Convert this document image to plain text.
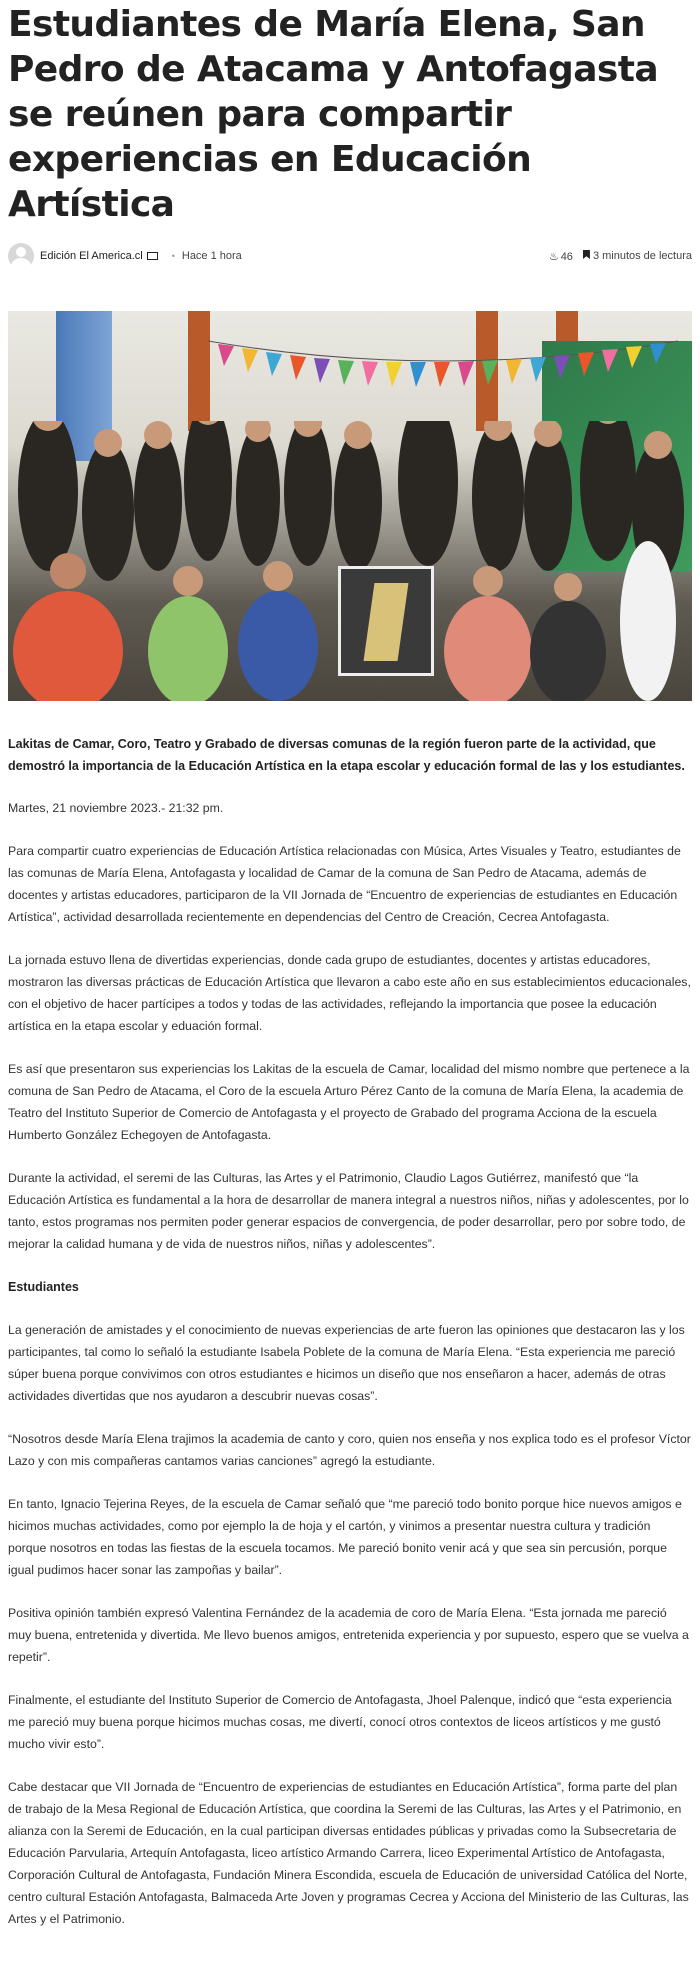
Estudiantes de María Elena, San Pedro de Atacama y Antofagasta se reúnen para compartir experiencias en Educación Artística
Edición El America.cl	• Hace 1 hora	♨ 46	3 minutos de lectura

Lakitas de Camar, Coro, Teatro y Grabado de diversas comunas de la región fueron parte de la actividad, que demostró la importancia de la Educación Artística en la etapa escolar y educación formal de las y los estudiantes.

Martes, 21 noviembre 2023.- 21:32 pm.

Para compartir cuatro experiencias de Educación Artística relacionadas con Música, Artes Visuales y Teatro, estudiantes de las comunas de María Elena, Antofagasta y localidad de Camar de la comuna de San Pedro de Atacama, además de docentes y artistas educadores, participaron de la VII Jornada de “Encuentro de experiencias de estudiantes en Educación Artística”, actividad desarrollada recientemente en dependencias del Centro de Creación, Cecrea Antofagasta.

La jornada estuvo llena de divertidas experiencias, donde cada grupo de estudiantes, docentes y artistas educadores, mostraron las diversas prácticas de Educación Artística que llevaron a cabo este año en sus establecimientos educacionales, con el objetivo de hacer partícipes a todos y todas de las actividades, reflejando la importancia que posee la educación artística en la etapa escolar y eduación formal.

Es así que presentaron sus experiencias los Lakitas de la escuela de Camar, localidad del mismo nombre que pertenece a la comuna de San Pedro de Atacama, el Coro de la escuela Arturo Pérez Canto de la comuna de María Elena, la academia de Teatro del Instituto Superior de Comercio de Antofagasta y el proyecto de Grabado del programa Acciona de la escuela Humberto González Echegoyen de Antofagasta.

Durante la actividad, el seremi de las Culturas, las Artes y el Patrimonio, Claudio Lagos Gutiérrez, manifestó que “la Educación Artística es fundamental a la hora de desarrollar de manera integral a nuestros niños, niñas y adolescentes, por lo tanto, estos programas nos permiten poder generar espacios de convergencia, de poder desarrollar, pero por sobre todo, de mejorar la calidad humana y de vida de nuestros niños, niñas y adolescentes”.

Estudiantes

La generación de amistades y el conocimiento de nuevas experiencias de arte fueron las opiniones que destacaron las y los participantes, tal como lo señaló la estudiante Isabela Poblete de la comuna de María Elena. “Esta experiencia me pareció súper buena porque convivimos con otros estudiantes e hicimos un diseño que nos enseñaron a hacer, además de otras actividades divertidas que nos ayudaron a descubrir nuevas cosas”.

“Nosotros desde María Elena trajimos la academia de canto y coro, quien nos enseña y nos explica todo es el profesor Víctor Lazo y con mis compañeras cantamos varias canciones” agregó la estudiante.

En tanto, Ignacio Tejerina Reyes, de la escuela de Camar señaló que “me pareció todo bonito porque hice nuevos amigos e hicimos muchas actividades, como por ejemplo la de hoja y el cartón, y vinimos a presentar nuestra cultura y tradición porque nosotros en todas las fiestas de la escuela tocamos. Me pareció bonito venir acá y que sea sin percusión, porque igual pudimos hacer sonar las zampoñas y bailar”.

Positiva opinión también expresó Valentina Fernández de la academia de coro de María Elena. “Esta jornada me pareció muy buena, entretenida y divertida. Me llevo buenos amigos, entretenida experiencia y por supuesto, espero que se vuelva a repetir”.

Finalmente, el estudiante del Instituto Superior de Comercio de Antofagasta, Jhoel Palenque, indicó que “esta experiencia me pareció muy buena porque hicimos muchas cosas, me divertí, conocí otros contextos de liceos artísticos y me gustó mucho vivir esto”.

Cabe destacar que VII Jornada de “Encuentro de experiencias de estudiantes en Educación Artística”, forma parte del plan de trabajo de la Mesa Regional de Educación Artística, que coordina la Seremi de las Culturas, las Artes y el Patrimonio, en alianza con la Seremi de Educación, en la cual participan diversas entidades públicas y privadas como la Subsecretaria de Educación Parvularia, Artequín Antofagasta, liceo artístico Armando Carrera, liceo Experimental Artístico de Antofagasta, Corporación Cultural de Antofagasta, Fundación Minera Escondida, escuela de Educación de universidad Católica del Norte, centro cultural Estación Antofagasta, Balmaceda Arte Joven y programas Cecrea y Acciona del Ministerio de las Culturas, las Artes y el Patrimonio.
